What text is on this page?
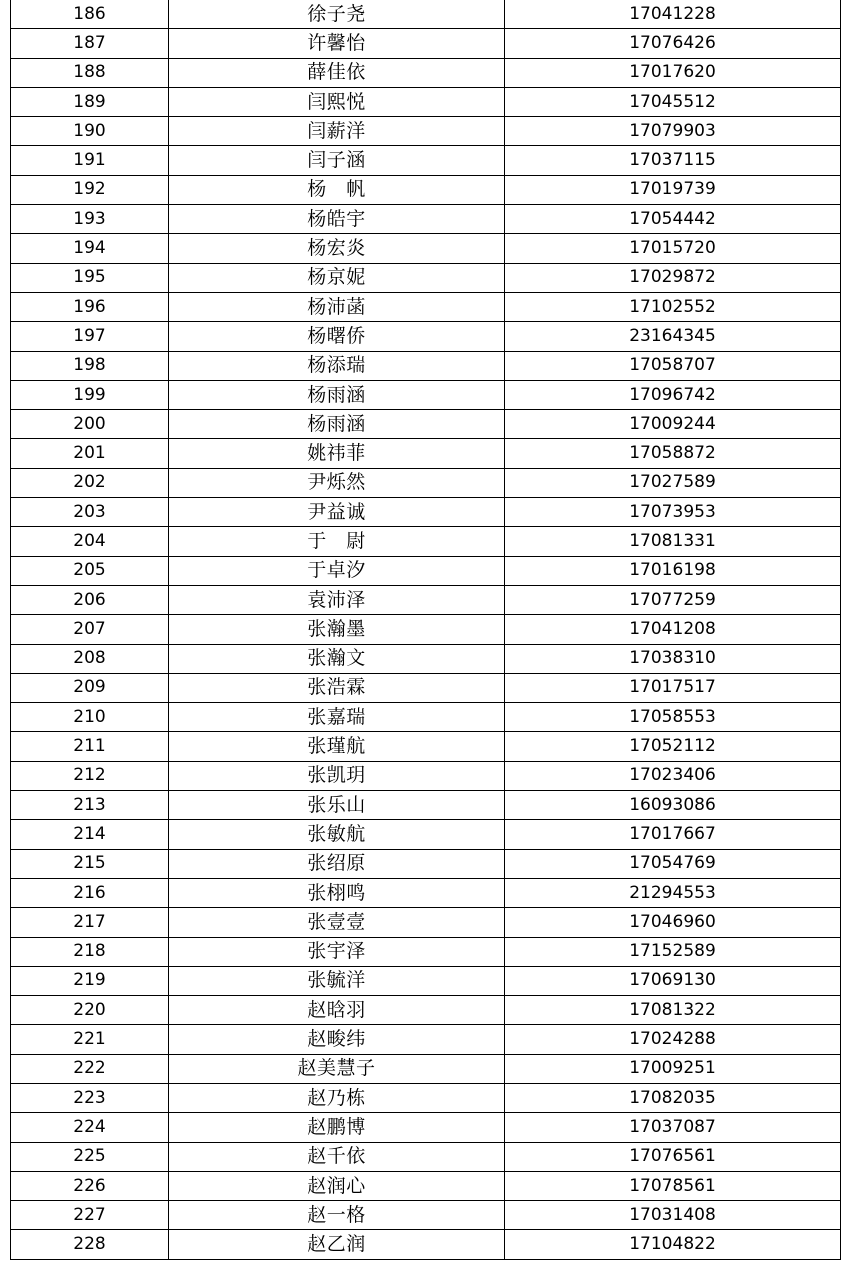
186	徐子尧	17041228
187	许馨怡	17076426
188	薛佳依	17017620
189	闫熙悦	17045512
190	闫薪洋	17079903
191	闫子涵	17037115
192	杨　帆	17019739
193	杨皓宇	17054442
194	杨宏炎	17015720
195	杨京妮	17029872
196	杨沛菡	17102552
197	杨曙侨	23164345
198	杨添瑞	17058707
199	杨雨涵	17096742
200	杨雨涵	17009244
201	姚祎菲	17058872
202	尹烁然	17027589
203	尹益诚	17073953
204	于　尉	17081331
205	于卓汐	17016198
206	袁沛泽	17077259
207	张瀚墨	17041208
208	张瀚文	17038310
209	张浩霖	17017517
210	张嘉瑞	17058553
211	张瑾航	17052112
212	张凯玥	17023406
213	张乐山	16093086
214	张敏航	17017667
215	张绍原	17054769
216	张栩鸣	21294553
217	张壹壹	17046960
218	张宇泽	17152589
219	张毓洋	17069130
220	赵晗羽	17081322
221	赵畯纬	17024288
222	赵美慧子	17009251
223	赵乃栋	17082035
224	赵鹏博	17037087
225	赵千依	17076561
226	赵润心	17078561
227	赵一格	17031408
228	赵乙润	17104822
